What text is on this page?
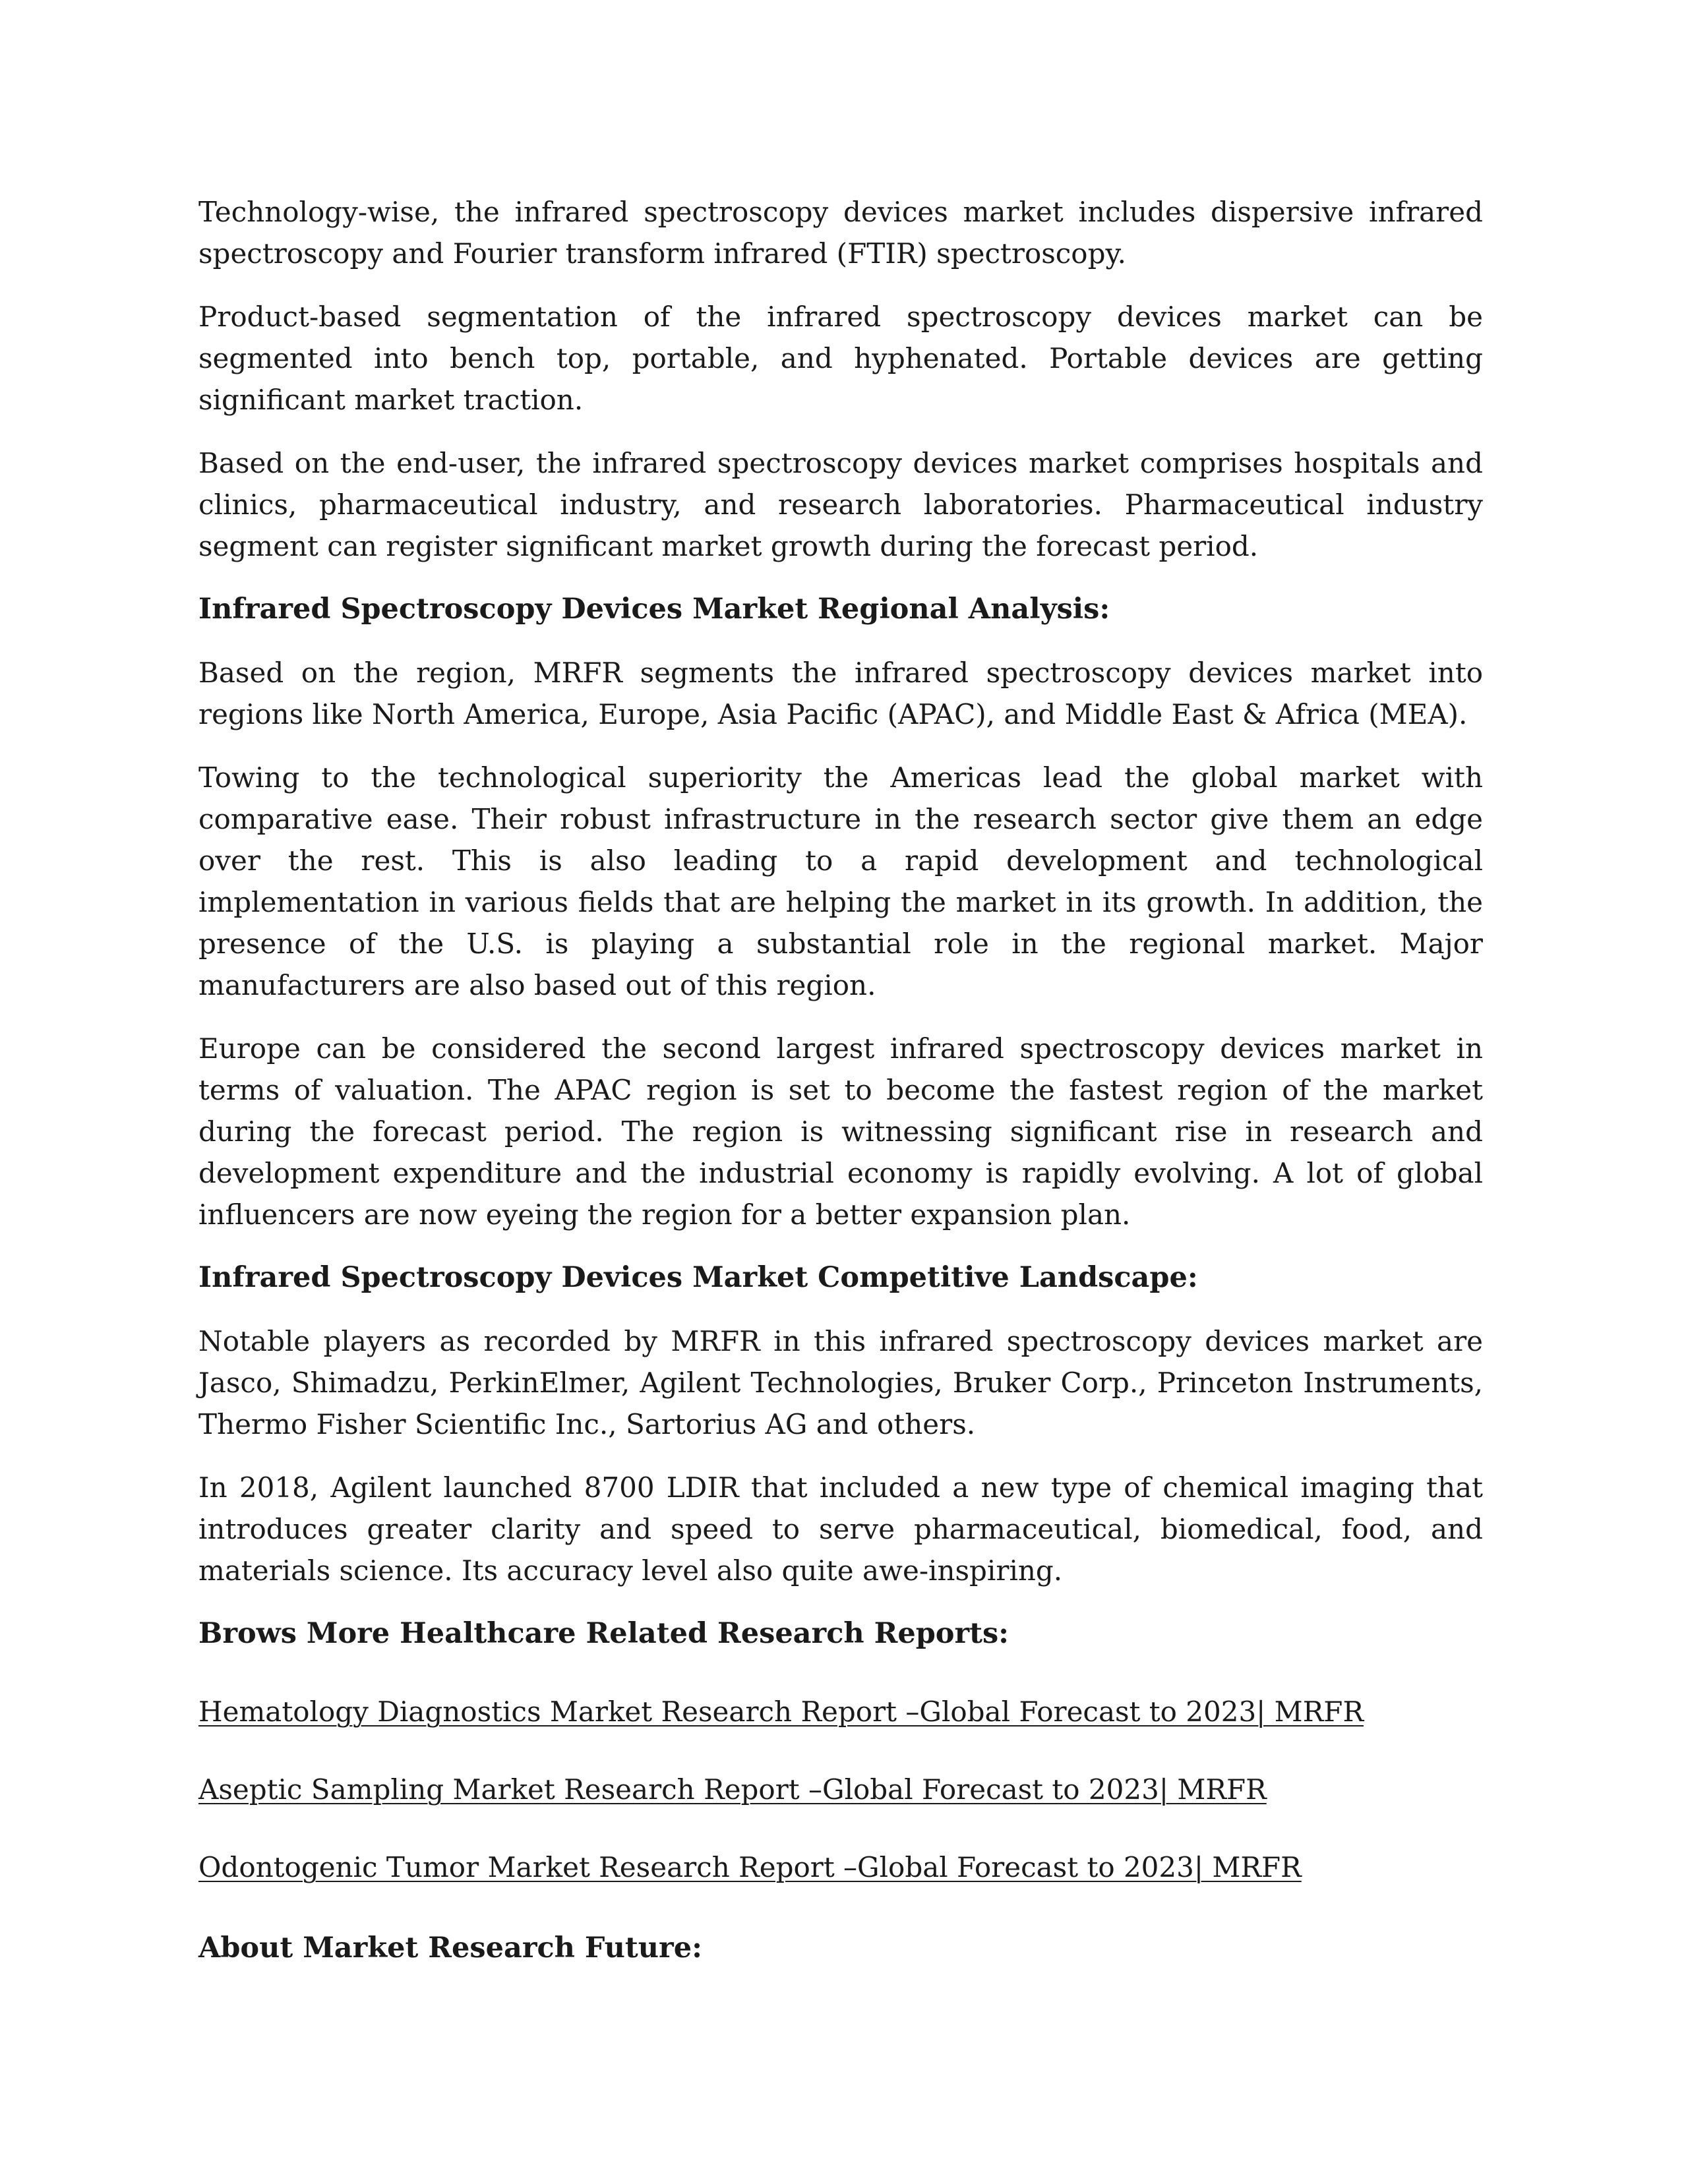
Technology-wise, the infrared spectroscopy devices market includes dispersive infrared spectroscopy and Fourier transform infrared (FTIR) spectroscopy.

Product-based segmentation of the infrared spectroscopy devices market can be segmented into bench top, portable, and hyphenated. Portable devices are getting significant market traction.

Based on the end-user, the infrared spectroscopy devices market comprises hospitals and clinics, pharmaceutical industry, and research laboratories. Pharmaceutical industry segment can register significant market growth during the forecast period.

Infrared Spectroscopy Devices Market Regional Analysis:

Based on the region, MRFR segments the infrared spectroscopy devices market into regions like North America, Europe, Asia Pacific (APAC), and Middle East & Africa (MEA).

Towing to the technological superiority the Americas lead the global market with comparative ease. Their robust infrastructure in the research sector give them an edge over the rest. This is also leading to a rapid development and technological implementation in various fields that are helping the market in its growth. In addition, the presence of the U.S. is playing a substantial role in the regional market. Major manufacturers are also based out of this region.

Europe can be considered the second largest infrared spectroscopy devices market in terms of valuation. The APAC region is set to become the fastest region of the market during the forecast period. The region is witnessing significant rise in research and development expenditure and the industrial economy is rapidly evolving. A lot of global influencers are now eyeing the region for a better expansion plan.

Infrared Spectroscopy Devices Market Competitive Landscape:

Notable players as recorded by MRFR in this infrared spectroscopy devices market are Jasco, Shimadzu, PerkinElmer, Agilent Technologies, Bruker Corp., Princeton Instruments, Thermo Fisher Scientific Inc., Sartorius AG and others.

In 2018, Agilent launched 8700 LDIR that included a new type of chemical imaging that introduces greater clarity and speed to serve pharmaceutical, biomedical, food, and materials science. Its accuracy level also quite awe-inspiring.

Brows More Healthcare Related Research Reports:
Hematology Diagnostics Market Research Report –Global Forecast to 2023| MRFR
Aseptic Sampling Market Research Report –Global Forecast to 2023| MRFR
Odontogenic Tumor Market Research Report –Global Forecast to 2023| MRFR
About Market Research Future:
